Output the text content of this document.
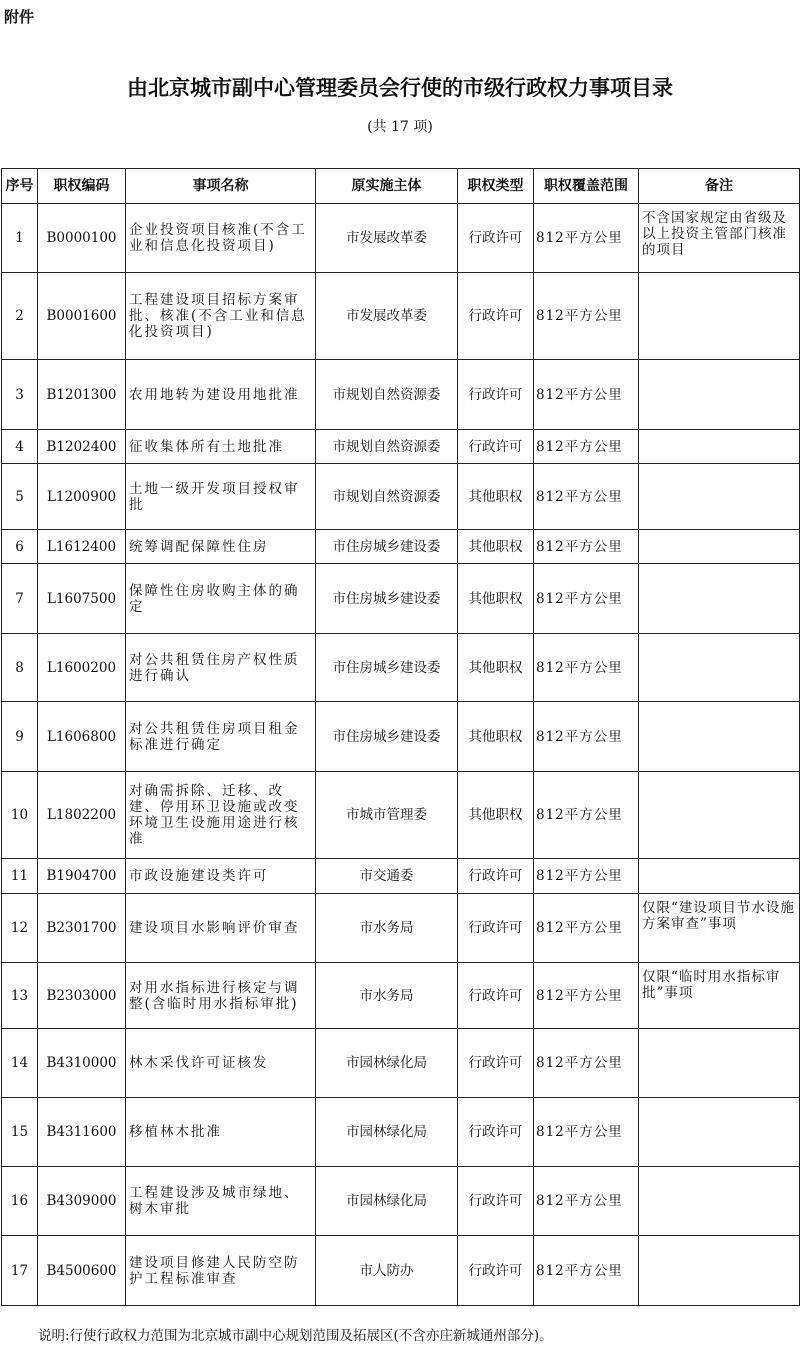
附件
由北京城市副中心管理委员会行使的市级行政权力事项目录
(共 17 项)
序号	职权编码	事项名称	原实施主体	职权类型	职权覆盖范围	备注
1	B0000100	企业投资项目核准(不含工业和信息化投资项目)	市发展改革委	行政许可	812平方公里	不含国家规定由省级及以上投资主管部门核准的项目
2	B0001600	工程建设项目招标方案审批、核准(不含工业和信息化投资项目)	市发展改革委	行政许可	812平方公里	
3	B1201300	农用地转为建设用地批准	市规划自然资源委	行政许可	812平方公里	
4	B1202400	征收集体所有土地批准	市规划自然资源委	行政许可	812平方公里	
5	L1200900	土地一级开发项目授权审批	市规划自然资源委	其他职权	812平方公里	
6	L1612400	统筹调配保障性住房	市住房城乡建设委	其他职权	812平方公里	
7	L1607500	保障性住房收购主体的确定	市住房城乡建设委	其他职权	812平方公里	
8	L1600200	对公共租赁住房产权性质进行确认	市住房城乡建设委	其他职权	812平方公里	
9	L1606800	对公共租赁住房项目租金标准进行确定	市住房城乡建设委	其他职权	812平方公里	
10	L1802200	对确需拆除、迁移、改建、停用环卫设施或改变环境卫生设施用途进行核准	市城市管理委	其他职权	812平方公里	
11	B1904700	市政设施建设类许可	市交通委	行政许可	812平方公里	
12	B2301700	建设项目水影响评价审查	市水务局	行政许可	812平方公里	仅限“建设项目节水设施方案审查”事项
13	B2303000	对用水指标进行核定与调整(含临时用水指标审批)	市水务局	行政许可	812平方公里	仅限“临时用水指标审批”事项
14	B4310000	林木采伐许可证核发	市园林绿化局	行政许可	812平方公里	
15	B4311600	移植林木批准	市园林绿化局	行政许可	812平方公里	
16	B4309000	工程建设涉及城市绿地、树木审批	市园林绿化局	行政许可	812平方公里	
17	B4500600	建设项目修建人民防空防护工程标准审查	市人防办	行政许可	812平方公里	
说明:行使行政权力范围为北京城市副中心规划范围及拓展区(不含亦庄新城通州部分)。
